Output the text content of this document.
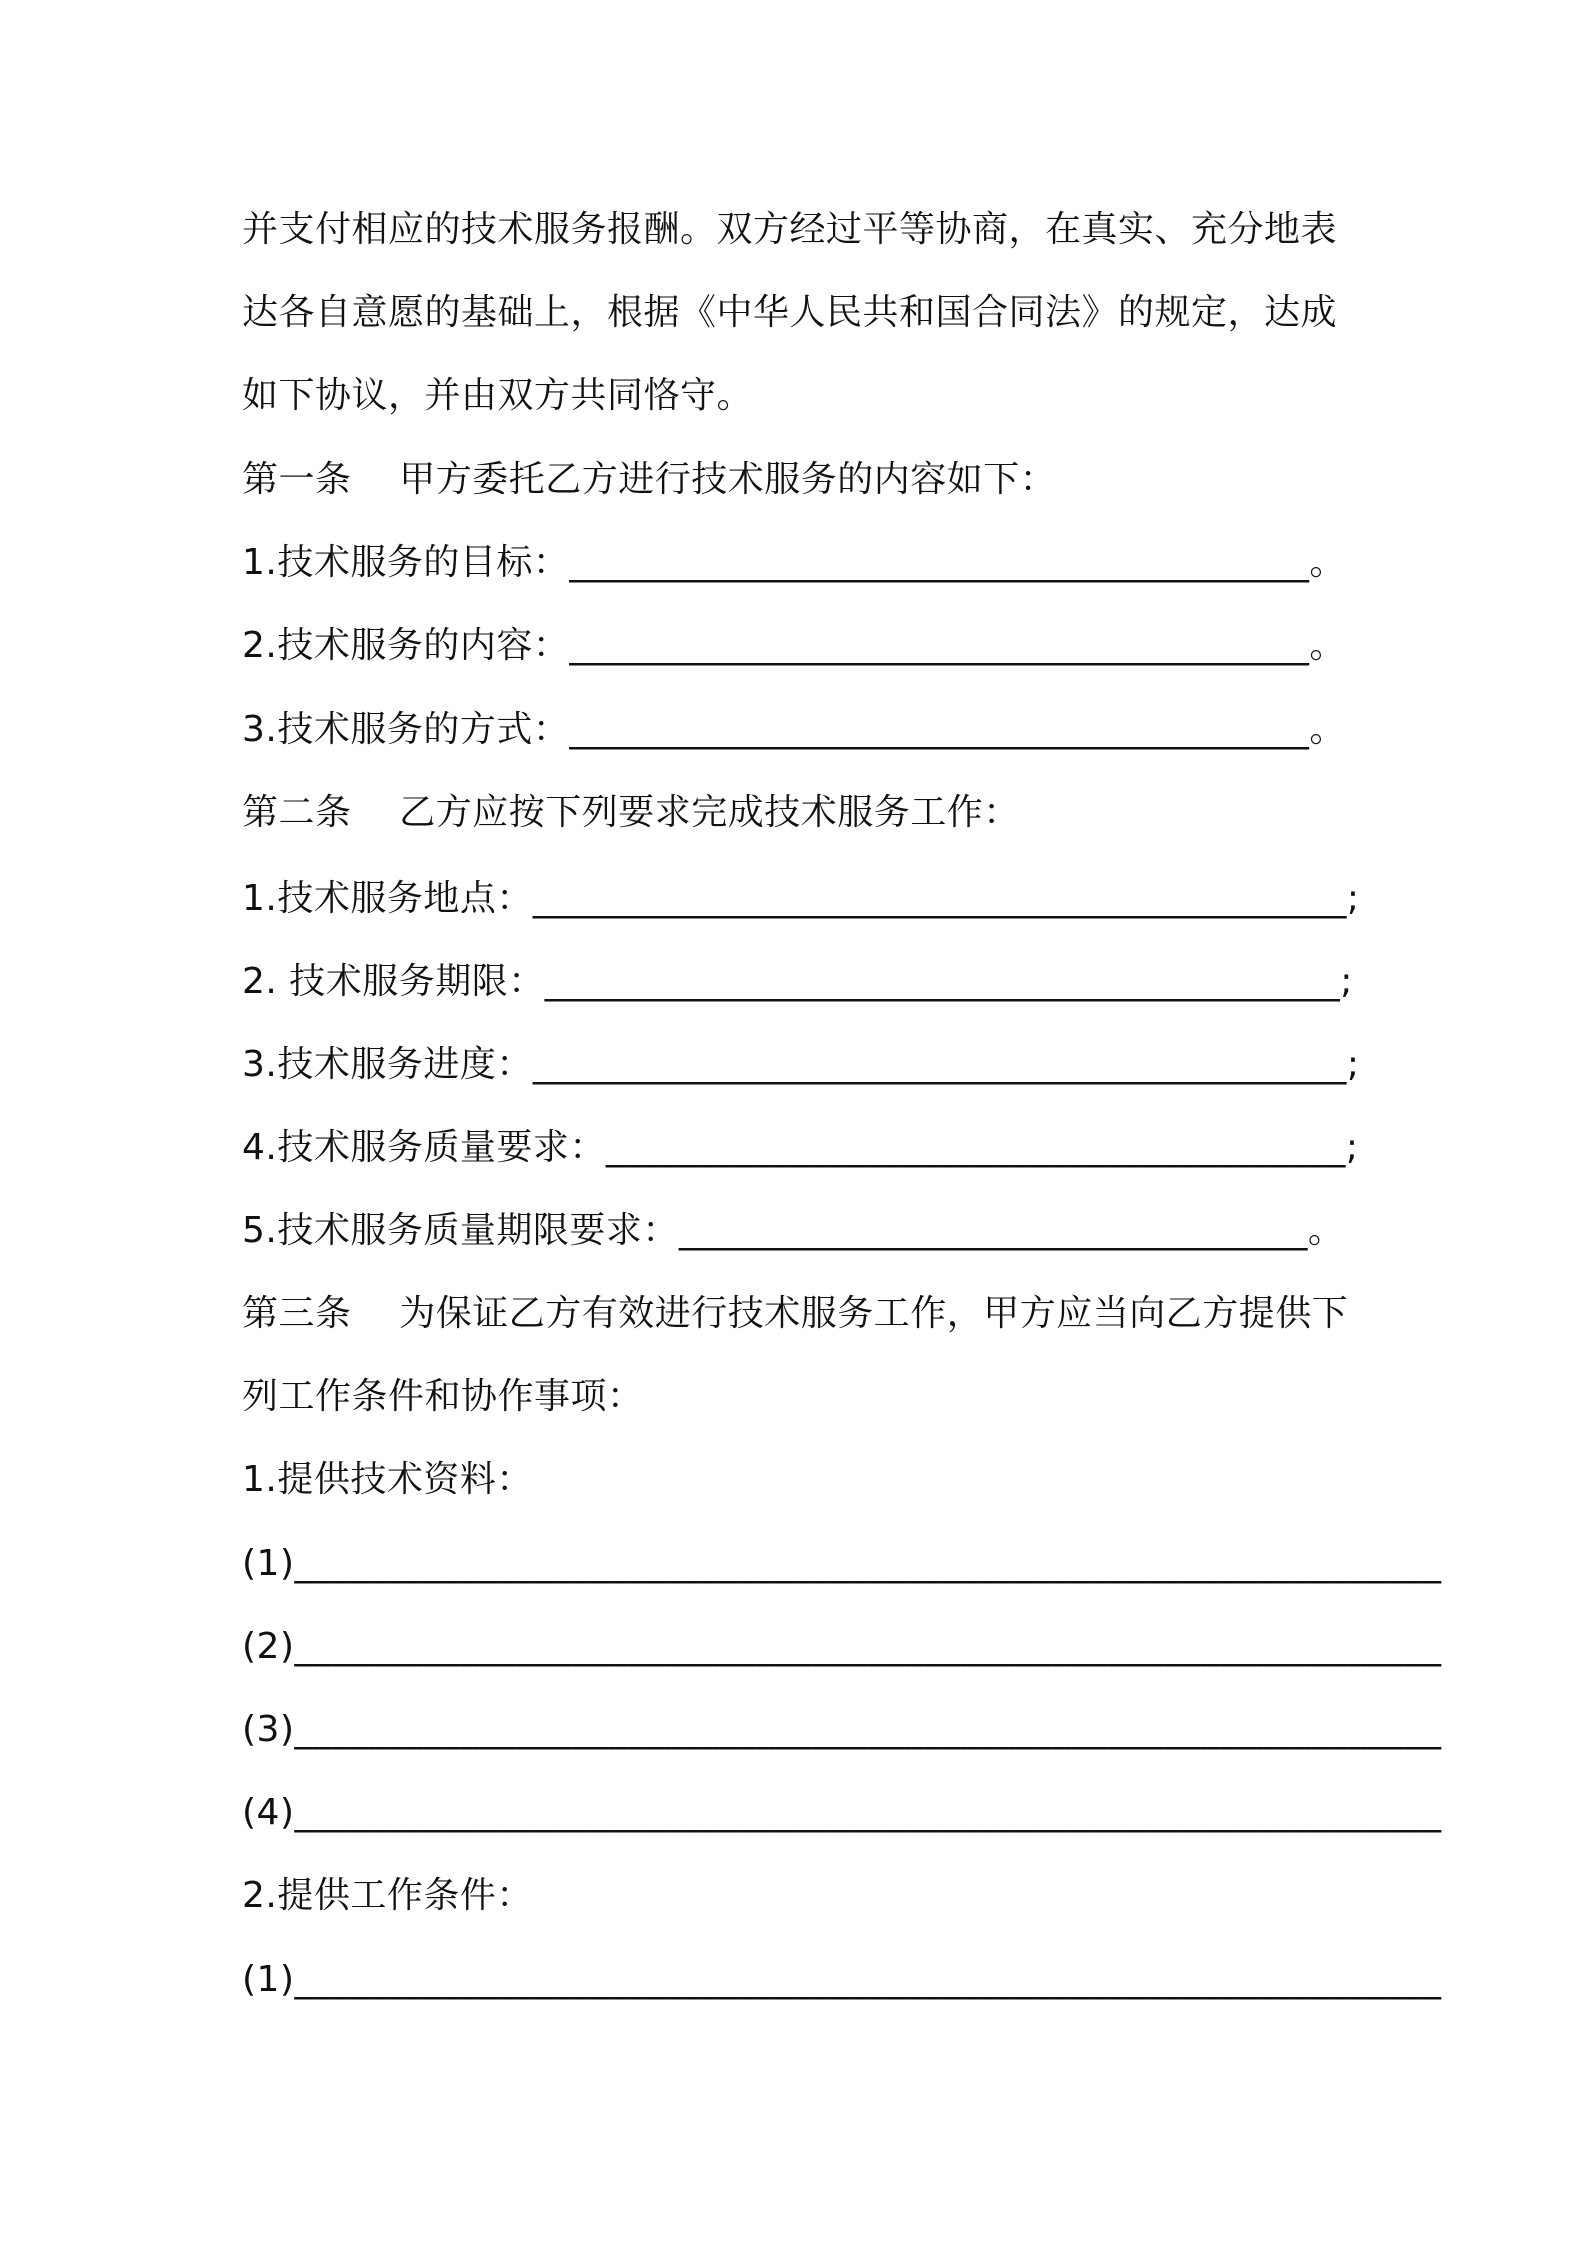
并支付相应的技术服务报酬。双方经过平等协商，在真实、充分地表
达各自意愿的基础上，根据《中华人民共和国合同法》的规定，达成
如下协议，并由双方共同恪守。
第一条    甲方委托乙方进行技术服务的内容如下：
1.技术服务的目标：________________________________________。
2.技术服务的内容：________________________________________。
3.技术服务的方式：________________________________________。
第二条    乙方应按下列要求完成技术服务工作：
1.技术服务地点：____________________________________________;
2. 技术服务期限：___________________________________________;
3.技术服务进度：____________________________________________;
4.技术服务质量要求：________________________________________;
5.技术服务质量期限要求：__________________________________。
第三条    为保证乙方有效进行技术服务工作，甲方应当向乙方提供下
列工作条件和协作事项：
1.提供技术资料：
(1)______________________________________________________________
(2)______________________________________________________________
(3)______________________________________________________________
(4)______________________________________________________________
2.提供工作条件：
(1)______________________________________________________________
